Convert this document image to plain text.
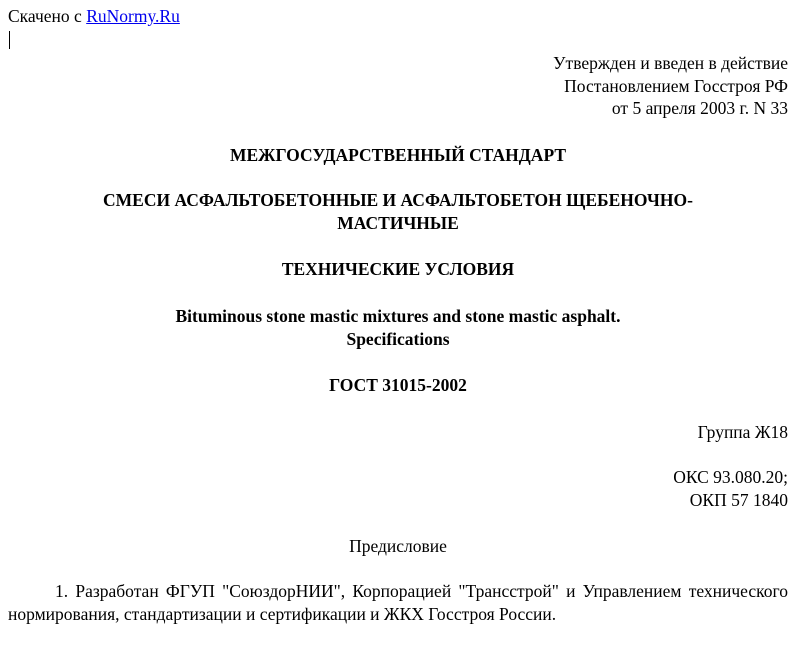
Скачено с RuNormy.Ru
Утвержден и введен в действие
Постановлением Госстроя РФ
от 5 апреля 2003 г. N 33
МЕЖГОСУДАРСТВЕННЫЙ СТАНДАРТ
СМЕСИ АСФАЛЬТОБЕТОННЫЕ И АСФАЛЬТОБЕТОН ЩЕБЕНОЧНО-
МАСТИЧНЫЕ
ТЕХНИЧЕСКИЕ УСЛОВИЯ
Bituminous stone mastic mixtures and stone mastic asphalt.
Specifications
ГОСТ 31015-2002
Группа Ж18
ОКС 93.080.20;
ОКП 57 1840
Предисловие
1. Разработан ФГУП "СоюздорНИИ", Корпорацией "Трансстрой" и Управлением технического нормирования, стандартизации и сертификации и ЖКХ Госстроя России.
